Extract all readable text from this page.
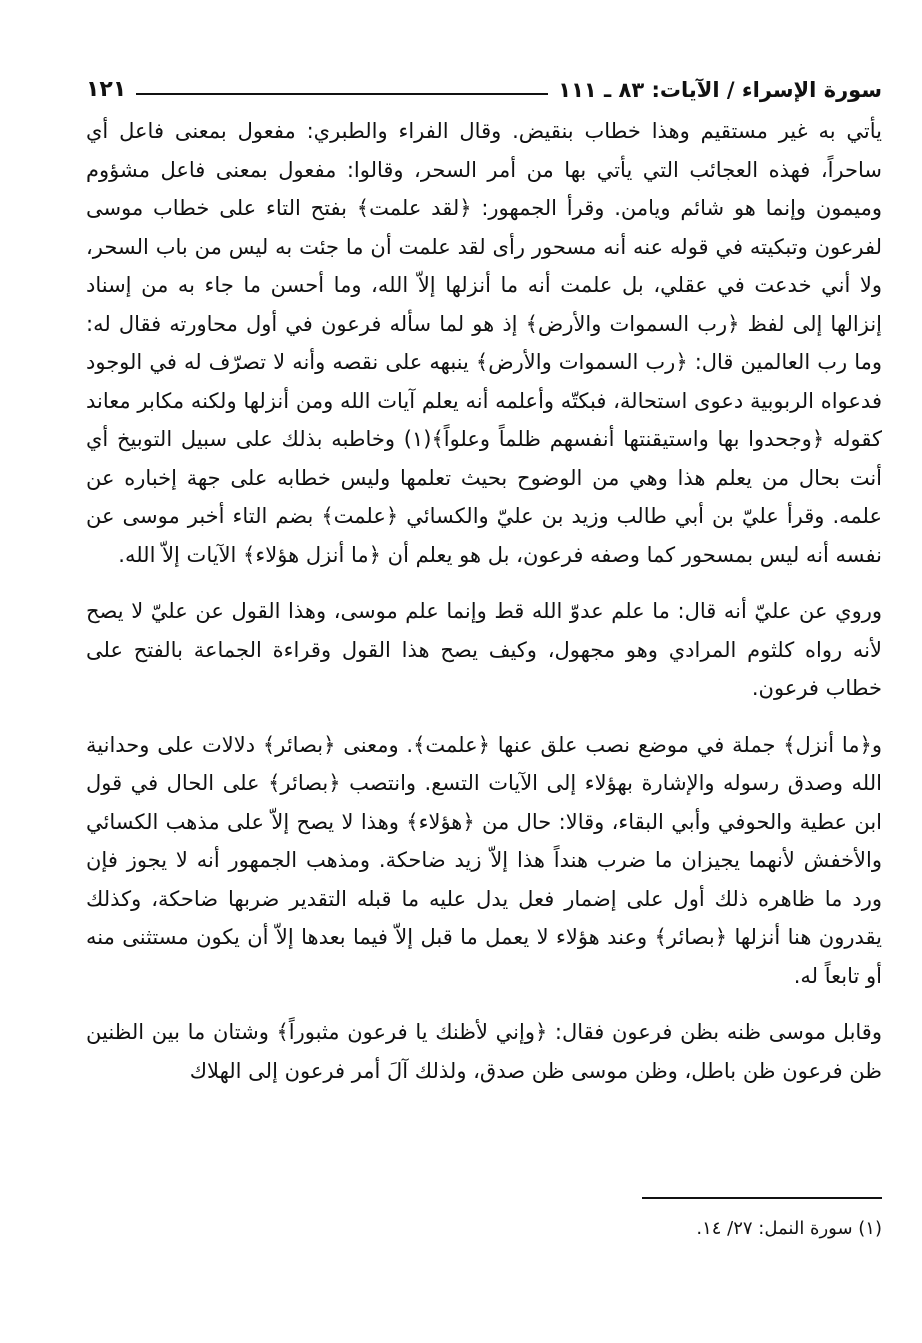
سورة الإسراء / الآيات: ٨٣ ـ ١١١
١٢١

يأتي به غير مستقيم وهذا خطاب بنقيض. وقال الفراء والطبري: مفعول بمعنى فاعل أي ساحراً، فهذه العجائب التي يأتي بها من أمر السحر، وقالوا: مفعول بمعنى فاعل مشؤوم وميمون وإنما هو شائم ويامن. وقرأ الجمهور: ﴿لقد علمت﴾ بفتح التاء على خطاب موسى لفرعون وتبكيته في قوله عنه أنه مسحور رأى لقد علمت أن ما جئت به ليس من باب السحر، ولا أني خدعت في عقلي، بل علمت أنه ما أنزلها إلاّ الله، وما أحسن ما جاء به من إسناد إنزالها إلى لفظ ﴿رب السموات والأرض﴾ إذ هو لما سأله فرعون في أول محاورته فقال له: وما رب العالمين قال: ﴿رب السموات والأرض﴾ ينبهه على نقصه وأنه لا تصرّف له في الوجود فدعواه الربوبية دعوى استحالة، فبكتّه وأعلمه أنه يعلم آيات الله ومن أنزلها ولكنه مكابر معاند كقوله ﴿وجحدوا بها واستيقنتها أنفسهم ظلماً وعلواً﴾(١) وخاطبه بذلك على سبيل التوبيخ أي أنت بحال من يعلم هذا وهي من الوضوح بحيث تعلمها وليس خطابه على جهة إخباره عن علمه. وقرأ عليّ بن أبي طالب وزيد بن عليّ والكسائي ﴿علمت﴾ بضم التاء أخبر موسى عن نفسه أنه ليس بمسحور كما وصفه فرعون، بل هو يعلم أن ﴿ما أنزل هؤلاء﴾ الآيات إلاّ الله.

وروي عن عليّ أنه قال: ما علم عدوّ الله قط وإنما علم موسى، وهذا القول عن عليّ لا يصح لأنه رواه كلثوم المرادي وهو مجهول، وكيف يصح هذا القول وقراءة الجماعة بالفتح على خطاب فرعون.

و﴿ما أنزل﴾ جملة في موضع نصب علق عنها ﴿علمت﴾. ومعنى ﴿بصائر﴾ دلالات على وحدانية الله وصدق رسوله والإشارة بهؤلاء إلى الآيات التسع. وانتصب ﴿بصائر﴾ على الحال في قول ابن عطية والحوفي وأبي البقاء، وقالا: حال من ﴿هؤلاء﴾ وهذا لا يصح إلاّ على مذهب الكسائي والأخفش لأنهما يجيزان ما ضرب هنداً هذا إلاّ زيد ضاحكة. ومذهب الجمهور أنه لا يجوز فإن ورد ما ظاهره ذلك أول على إضمار فعل يدل عليه ما قبله التقدير ضربها ضاحكة، وكذلك يقدرون هنا أنزلها ﴿بصائر﴾ وعند هؤلاء لا يعمل ما قبل إلاّ فيما بعدها إلاّ أن يكون مستثنى منه أو تابعاً له.

وقابل موسى ظنه بظن فرعون فقال: ﴿وإني لأظنك يا فرعون مثبوراً﴾ وشتان ما بين الظنين ظن فرعون ظن باطل، وظن موسى ظن صدق، ولذلك آلَ أمر فرعون إلى الهلاك

(١) سورة النمل: ٢٧/ ١٤.
